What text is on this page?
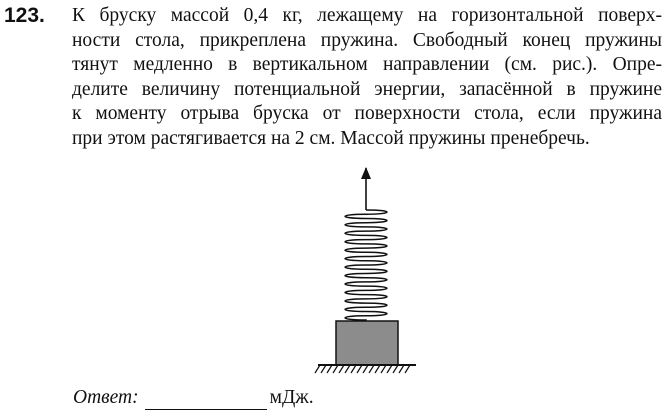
123. К бруску массой 0,4 кг, лежащему на горизонтальной поверх-
ности стола, прикреплена пружина. Свободный конец пружины
тянут медленно в вертикальном направлении (см. рис.). Опре-
делите величину потенциальной энергии, запасённой в пружине
к моменту отрыва бруска от поверхности стола, если пружина
при этом растягивается на 2 см. Массой пружины пренебречь.
Ответ:	мДж.
